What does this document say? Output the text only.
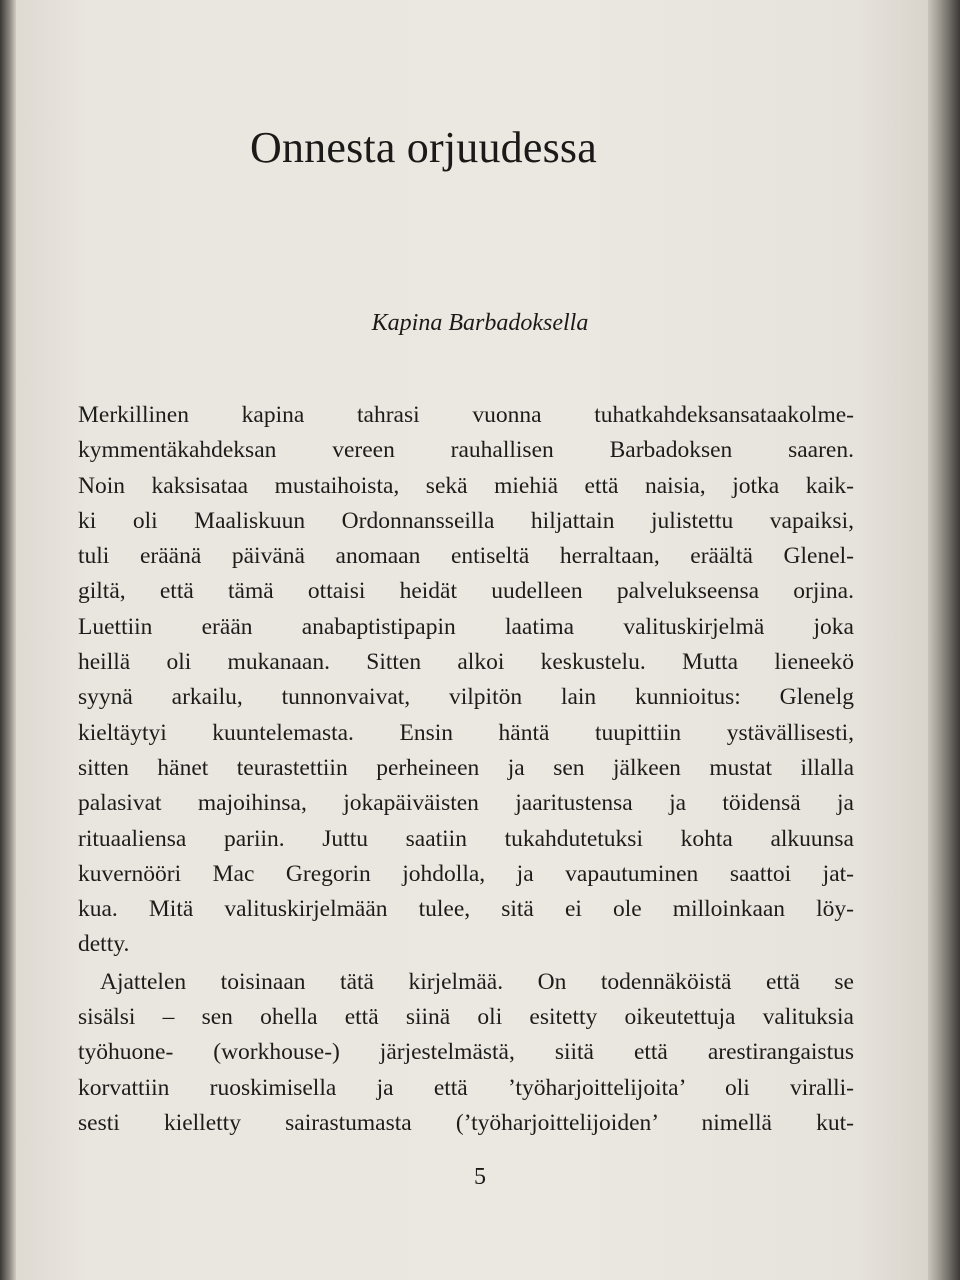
Onnesta orjuudessa
Kapina Barbadoksella

Merkillinen kapina tahrasi vuonna tuhatkahdeksansataakolme-
kymmentäkahdeksan vereen rauhallisen Barbadoksen saaren.
Noin kaksisataa mustaihoista, sekä miehiä että naisia, jotka kaik-
ki oli Maaliskuun Ordonnansseilla hiljattain julistettu vapaiksi,
tuli eräänä päivänä anomaan entiseltä herraltaan, eräältä Glenel-
giltä, että tämä ottaisi heidät uudelleen palvelukseensa orjina.
Luettiin erään anabaptistipapin laatima valituskirjelmä joka
heillä oli mukanaan. Sitten alkoi keskustelu. Mutta lieneekö
syynä arkailu, tunnonvaivat, vilpitön lain kunnioitus: Glenelg
kieltäytyi kuuntelemasta. Ensin häntä tuupittiin ystävällisesti,
sitten hänet teurastettiin perheineen ja sen jälkeen mustat illalla
palasivat majoihinsa, jokapäiväisten jaaritustensa ja töidensä ja
rituaaliensa pariin. Juttu saatiin tukahdutetuksi kohta alkuunsa
kuvernööri Mac Gregorin johdolla, ja vapautuminen saattoi jat-
kua. Mitä valituskirjelmään tulee, sitä ei ole milloinkaan löy-
detty.

Ajattelen toisinaan tätä kirjelmää. On todennäköistä että se
sisälsi – sen ohella että siinä oli esitetty oikeutettuja valituksia
työhuone- (workhouse-) järjestelmästä, siitä että arestirangaistus
korvattiin ruoskimisella ja että ’työharjoittelijoita’ oli viralli-
sesti kielletty sairastumasta (’työharjoittelijoiden’ nimellä kut-

5
